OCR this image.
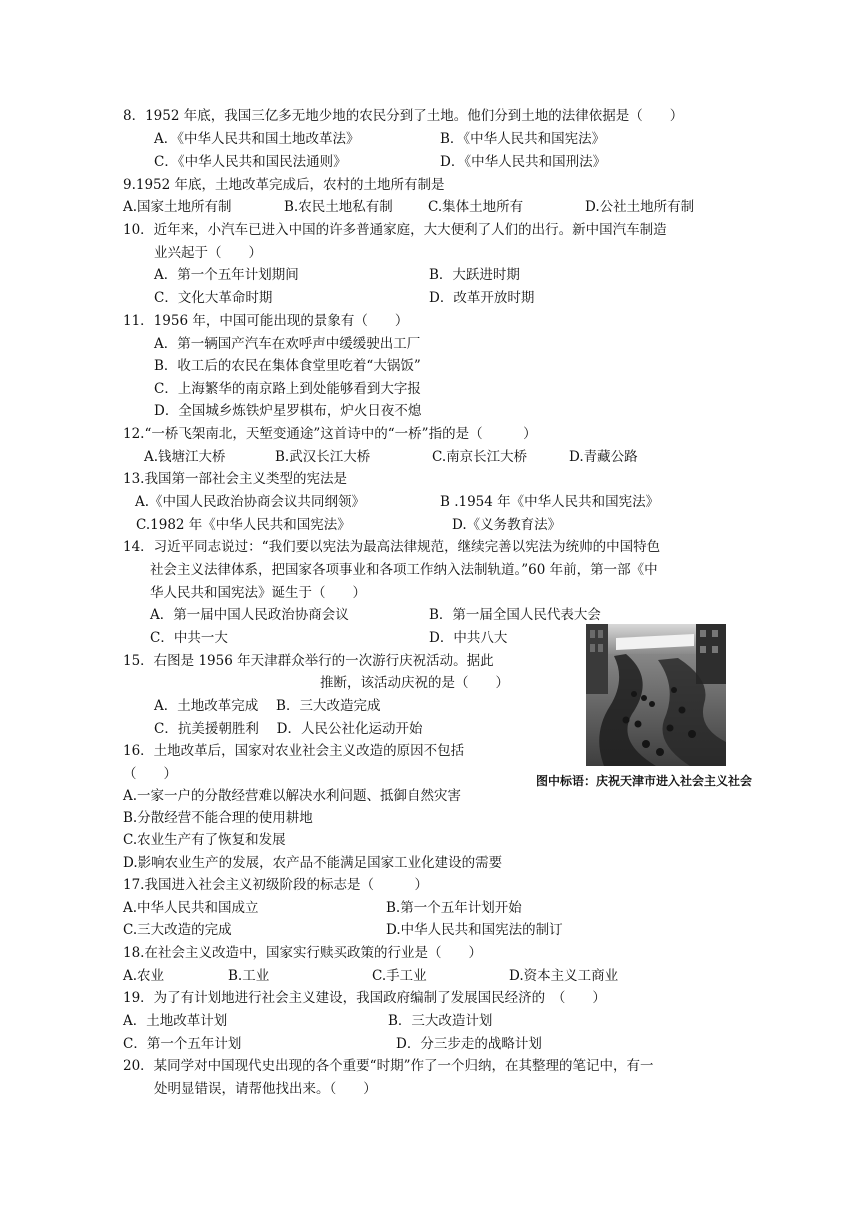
8．1952 年底，我国三亿多无地少地的农民分到了土地。他们分到土地的法律依据是（　　）
A．《中华人民共和国土地改革法》	B．《中华人民共和国宪法》
C．《中华人民共和国民法通则》	D．《中华人民共和国刑法》
9.1952 年底，土地改革完成后，农村的土地所有制是
A.国家土地所有制	B.农民土地私有制	C.集体土地所有	D.公社土地所有制
10．近年来，小汽车已进入中国的许多普通家庭，大大便利了人们的出行。新中国汽车制造
业兴起于（　　）
A．第一个五年计划期间	B．大跃进时期
C．文化大革命时期	D．改革开放时期
11．1956 年，中国可能出现的景象有（　　）
A．第一辆国产汽车在欢呼声中缓缓驶出工厂
B．收工后的农民在集体食堂里吃着“大锅饭”
C．上海繁华的南京路上到处能够看到大字报
D．全国城乡炼铁炉星罗棋布，炉火日夜不熄
12.“一桥飞架南北，天堑变通途”这首诗中的“一桥”指的是（　　　）
A.钱塘江大桥	B.武汉长江大桥	C.南京长江大桥	D.青藏公路
13.我国第一部社会主义类型的宪法是
A.《中国人民政治协商会议共同纲领》	B .1954 年《中华人民共和国宪法》
C.1982 年《中华人民共和国宪法》	D.《义务教育法》
14．习近平同志说过：“我们要以宪法为最高法律规范，继续完善以宪法为统帅的中国特色
社会主义法律体系，把国家各项事业和各项工作纳入法制轨道。”60 年前，第一部《中
华人民共和国宪法》诞生于（　　）
A．第一届中国人民政治协商会议	B．第一届全国人民代表大会
C．中共一大	D．中共八大
15．右图是 1956 年天津群众举行的一次游行庆祝活动。据此
推断，该活动庆祝的是（　　）
A．土地改革完成　 B．三大改造完成
C．抗美援朝胜利　 D．人民公社化运动开始
图中标语：庆祝天津市进入社会主义社会
16．土地改革后，国家对农业社会主义改造的原因不包括
（　　）
A.一家一户的分散经营难以解决水利问题、抵御自然灾害
B.分散经营不能合理的使用耕地
C.农业生产有了恢复和发展
D.影响农业生产的发展，农产品不能满足国家工业化建设的需要
17.我国进入社会主义初级阶段的标志是（　　　）
A.中华人民共和国成立	B.第一个五年计划开始
C.三大改造的完成	D.中华人民共和国宪法的制订
18.在社会主义改造中，国家实行赎买政策的行业是（　　）
A.农业	B.工业	C.手工业	D.资本主义工商业
19．为了有计划地进行社会主义建设，我国政府编制了发展国民经济的　（　　）
A．土地改革计划	B．三大改造计划
C．第一个五年计划	D．分三步走的战略计划
20．某同学对中国现代史出现的各个重要“时期”作了一个归纳，在其整理的笔记中，有一
处明显错误，请帮他找出来。（　　）
